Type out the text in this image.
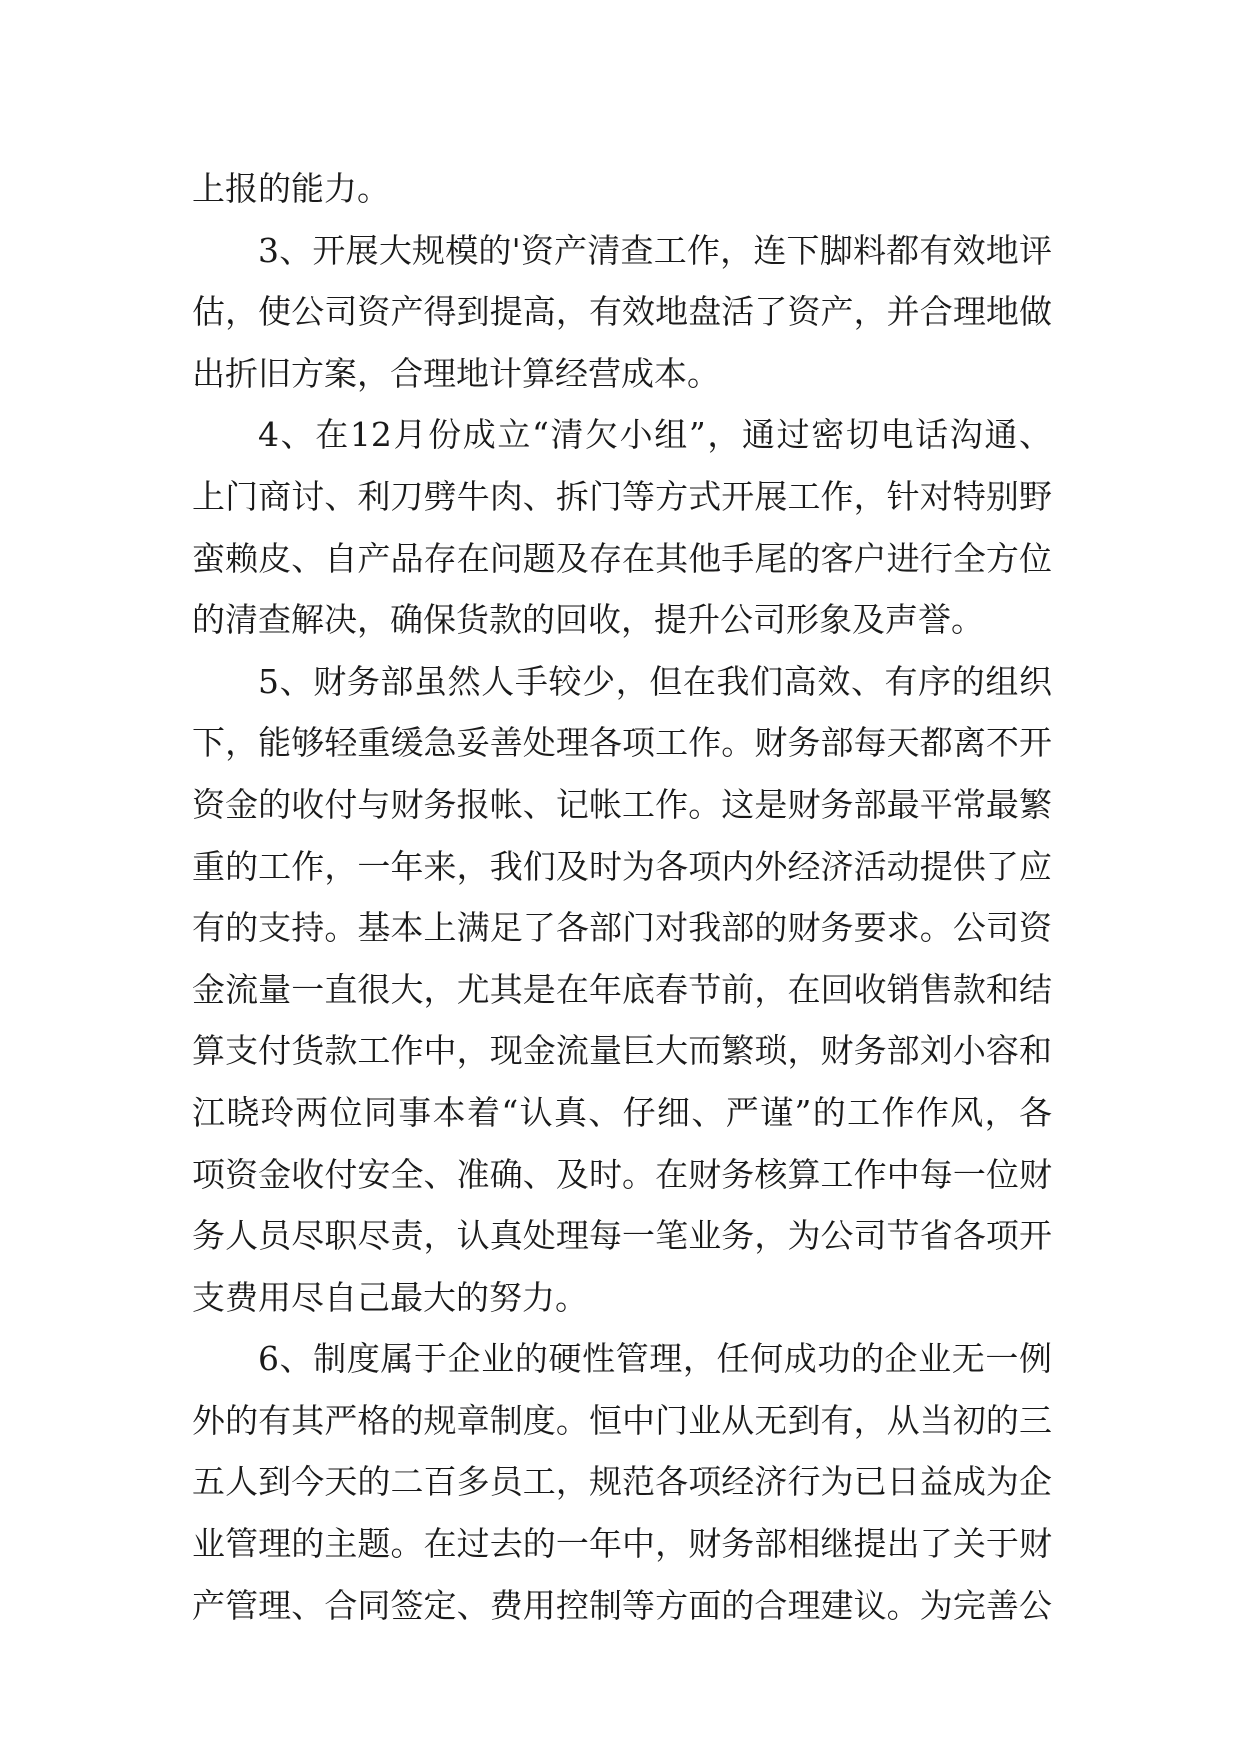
上报的能力。
3、开展大规模的'资产清查工作，连下脚料都有效地评
估，使公司资产得到提高，有效地盘活了资产，并合理地做
出折旧方案，合理地计算经营成本。
4、在12月份成立“清欠小组”，通过密切电话沟通、
上门商讨、利刀劈牛肉、拆门等方式开展工作，针对特别野
蛮赖皮、自产品存在问题及存在其他手尾的客户进行全方位
的清查解决，确保货款的回收，提升公司形象及声誉。
5、财务部虽然人手较少，但在我们高效、有序的组织
下，能够轻重缓急妥善处理各项工作。财务部每天都离不开
资金的收付与财务报帐、记帐工作。这是财务部最平常最繁
重的工作，一年来，我们及时为各项内外经济活动提供了应
有的支持。基本上满足了各部门对我部的财务要求。公司资
金流量一直很大，尤其是在年底春节前，在回收销售款和结
算支付货款工作中，现金流量巨大而繁琐，财务部刘小容和
江晓玲两位同事本着“认真、仔细、严谨”的工作作风，各
项资金收付安全、准确、及时。在财务核算工作中每一位财
务人员尽职尽责，认真处理每一笔业务，为公司节省各项开
支费用尽自己最大的努力。
6、制度属于企业的硬性管理，任何成功的企业无一例
外的有其严格的规章制度。恒中门业从无到有，从当初的三
五人到今天的二百多员工，规范各项经济行为已日益成为企
业管理的主题。在过去的一年中，财务部相继提出了关于财
产管理、合同签定、费用控制等方面的合理建议。为完善公
